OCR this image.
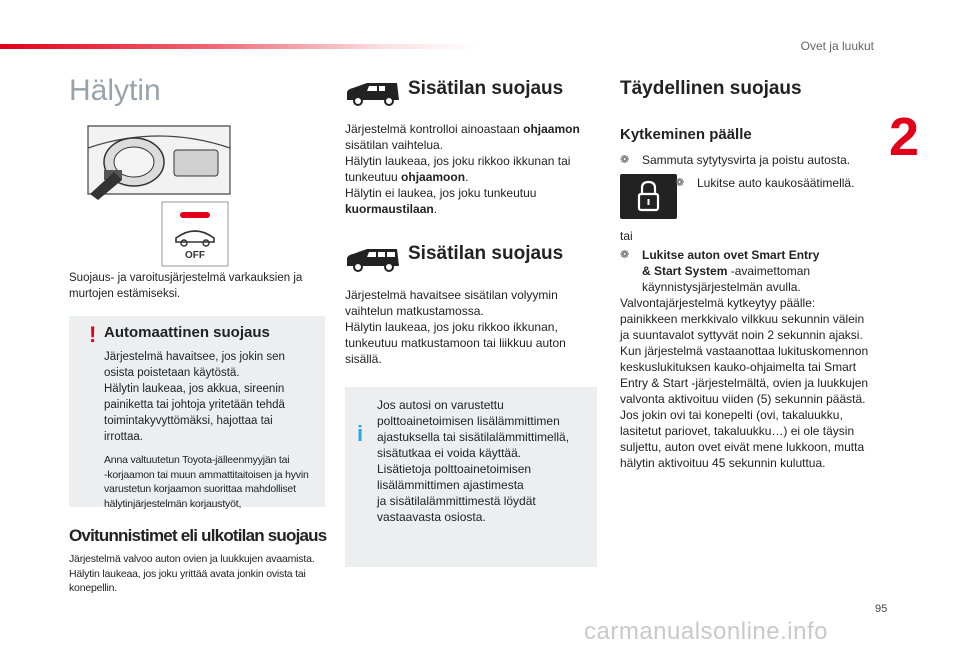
Ovet ja luukut
2
Hälytin
OFF

Suojaus- ja varoitusjärjestelmä varkauksien ja murtojen estämiseksi.

! Automaattinen suojaus

Järjestelmä havaitsee, jos jokin sen

osista poistetaan käytöstä.

Hälytin laukeaa, jos akkua, sireenin

painiketta tai johtoja yritetään tehdä

toimintakyvyttömäksi, hajottaa tai

irrottaa.

Anna valtuutetun Toyota-jälleenmyyjän tai

-korjaamon tai muun ammattitaitoisen ja hyvin

varustetun korjaamon suorittaa mahdolliset

hälytinjärjestelmän korjaustyöt,

Ovitunnistimet eli ulkotilan suojaus

Järjestelmä valvoo auton ovien ja luukkujen avaamista.

Hälytin laukeaa, jos joku yrittää avata jonkin ovista tai

konepellin.

Sisätilan suojaus

Järjestelmä kontrolloi ainoastaan ohjaamon

sisätilan vaihtelua.

Hälytin laukeaa, jos joku rikkoo ikkunan tai

tunkeutuu ohjaamoon.

Hälytin ei laukea, jos joku tunkeutuu

kuormaustilaan.

Sisätilan suojaus

Järjestelmä havaitsee sisätilan volyymin

vaihtelun matkustamossa.

Hälytin laukeaa, jos joku rikkoo ikkunan,

tunkeutuu matkustamoon tai liikkuu auton

sisällä.

i

Jos autosi on varustettu

polttoainetoimisen lisälämmittimen

ajastuksella tai sisätilalämmittimellä,

sisätutkaa ei voida käyttää.

Lisätietoja polttoainetoimisen

lisälämmittimen ajastimesta

ja sisätilalämmittimestä löydät

vastaavasta osiosta.

Täydellinen suojaus

Kytkeminen päälle

❁	Sammuta sytytysvirta ja poistu autosta.

❁	Lukitse auto kaukosäätimellä.

tai

❁	Lukitse auton ovet Smart Entry

& Start System -avaimettoman

käynnistysjärjestelmän avulla.

Valvontajärjestelmä kytkeytyy päälle:

painikkeen merkkivalo vilkkuu sekunnin välein

ja suuntavalot syttyvät noin 2 sekunnin ajaksi.

Kun järjestelmä vastaanottaa lukituskomennon

keskuslukituksen kauko-ohjaimelta tai Smart

Entry & Start -järjestelmältä, ovien ja luukkujen

valvonta aktivoituu viiden (5) sekunnin päästä.

Jos jokin ovi tai konepelti (ovi, takaluukku,

lasitetut pariovet, takaluukku…) ei ole täysin

suljettu, auton ovet eivät mene lukkoon, mutta

hälytin aktivoituu 45 sekunnin kuluttua.

95
carmanualsonline.info
